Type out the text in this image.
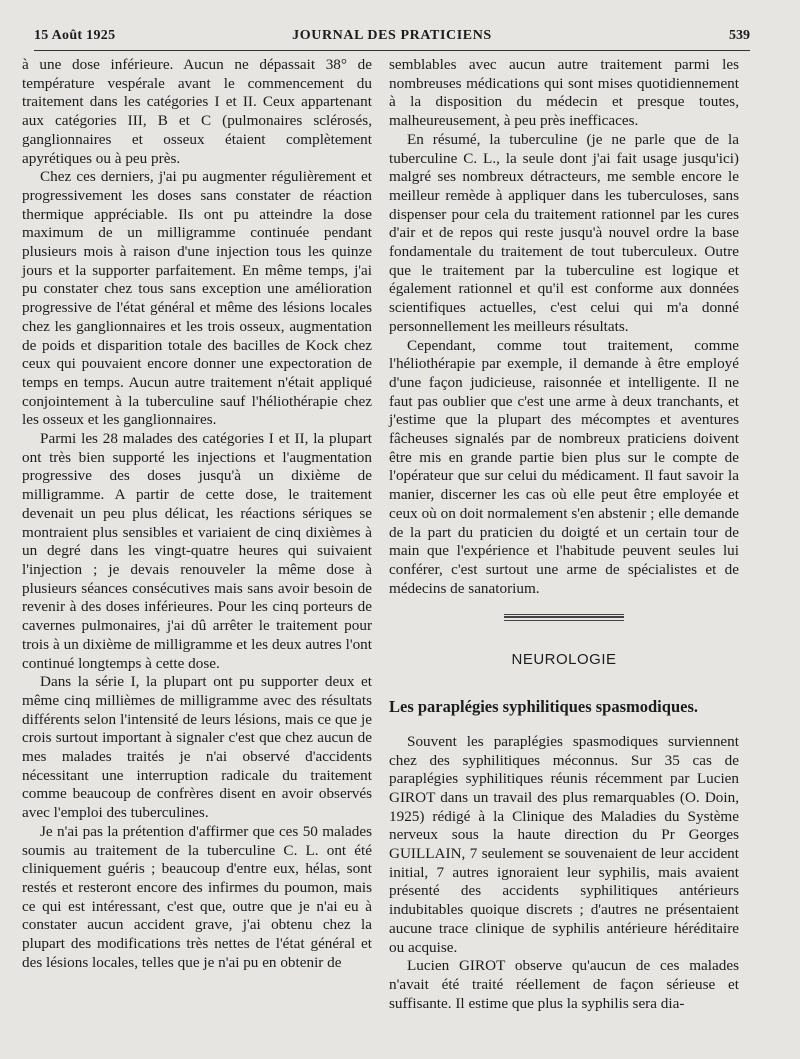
15 Août 1925	JOURNAL DES PRATICIENS	539

à une dose inférieure. Aucun ne dépassait 38° de température vespérale avant le commencement du traitement dans les catégories I et II. Ceux appartenant aux catégories III, B et C (pulmonaires sclérosés, ganglionnaires et osseux étaient complètement apyrétiques ou à peu près.

Chez ces derniers, j'ai pu augmenter régulièrement et progressivement les doses sans constater de réaction thermique appréciable. Ils ont pu atteindre la dose maximum de un milligramme continuée pendant plusieurs mois à raison d'une injection tous les quinze jours et la supporter parfaitement. En même temps, j'ai pu constater chez tous sans exception une amélioration progressive de l'état général et même des lésions locales chez les ganglionnaires et les trois osseux, augmentation de poids et disparition totale des bacilles de Kock chez ceux qui pouvaient encore donner une expectoration de temps en temps. Aucun autre traitement n'était appliqué conjointement à la tuberculine sauf l'héliothérapie chez les osseux et les ganglionnaires.

Parmi les 28 malades des catégories I et II, la plupart ont très bien supporté les injections et l'augmentation progressive des doses jusqu'à un dixième de milligramme. A partir de cette dose, le traitement devenait un peu plus délicat, les réactions sériques se montraient plus sensibles et variaient de cinq dixièmes à un degré dans les vingt-quatre heures qui suivaient l'injection ; je devais renouveler la même dose à plusieurs séances consécutives mais sans avoir besoin de revenir à des doses inférieures. Pour les cinq porteurs de cavernes pulmonaires, j'ai dû arrêter le traitement pour trois à un dixième de milligramme et les deux autres l'ont continué longtemps à cette dose.

Dans la série I, la plupart ont pu supporter deux et même cinq millièmes de milligramme avec des résultats différents selon l'intensité de leurs lésions, mais ce que je crois surtout important à signaler c'est que chez aucun de mes malades traités je n'ai observé d'accidents nécessitant une interruption radicale du traitement comme beaucoup de confrères disent en avoir observés avec l'emploi des tuberculines.

Je n'ai pas la prétention d'affirmer que ces 50 malades soumis au traitement de la tuberculine C. L. ont été cliniquement guéris ; beaucoup d'entre eux, hélas, sont restés et resteront encore des infirmes du poumon, mais ce qui est intéressant, c'est que, outre que je n'ai eu à constater aucun accident grave, j'ai obtenu chez la plupart des modifications très nettes de l'état général et des lésions locales, telles que je n'ai pu en obtenir de

semblables avec aucun autre traitement parmi les nombreuses médications qui sont mises quotidiennement à la disposition du médecin et presque toutes, malheureusement, à peu près inefficaces.

En résumé, la tuberculine (je ne parle que de la tuberculine C. L., la seule dont j'ai fait usage jusqu'ici) malgré ses nombreux détracteurs, me semble encore le meilleur remède à appliquer dans les tuberculoses, sans dispenser pour cela du traitement rationnel par les cures d'air et de repos qui reste jusqu'à nouvel ordre la base fondamentale du traitement de tout tuberculeux. Outre que le traitement par la tuberculine est logique et également rationnel et qu'il est conforme aux données scientifiques actuelles, c'est celui qui m'a donné personnellement les meilleurs résultats.

Cependant, comme tout traitement, comme l'héliothérapie par exemple, il demande à être employé d'une façon judicieuse, raisonnée et intelligente. Il ne faut pas oublier que c'est une arme à deux tranchants, et j'estime que la plupart des mécomptes et aventures fâcheuses signalés par de nombreux praticiens doivent être mis en grande partie bien plus sur le compte de l'opérateur que sur celui du médicament. Il faut savoir la manier, discerner les cas où elle peut être employée et ceux où on doit normalement s'en abstenir ; elle demande de la part du praticien du doigté et un certain tour de main que l'expérience et l'habitude peuvent seules lui conférer, c'est surtout une arme de spécialistes et de médecins de sanatorium.

NEUROLOGIE

Les paraplégies syphilitiques spasmodiques.

Souvent les paraplégies spasmodiques surviennent chez des syphilitiques méconnus. Sur 35 cas de paraplégies syphilitiques réunis récemment par Lucien GIROT dans un travail des plus remarquables (O. Doin, 1925) rédigé à la Clinique des Maladies du Système nerveux sous la haute direction du Pr Georges GUILLAIN, 7 seulement se souvenaient de leur accident initial, 7 autres ignoraient leur syphilis, mais avaient présenté des accidents syphilitiques antérieurs indubitables quoique discrets ; d'autres ne présentaient aucune trace clinique de syphilis antérieure héréditaire ou acquise.

Lucien GIROT observe qu'aucun de ces malades n'avait été traité réellement de façon sérieuse et suffisante. Il estime que plus la syphilis sera dia-
